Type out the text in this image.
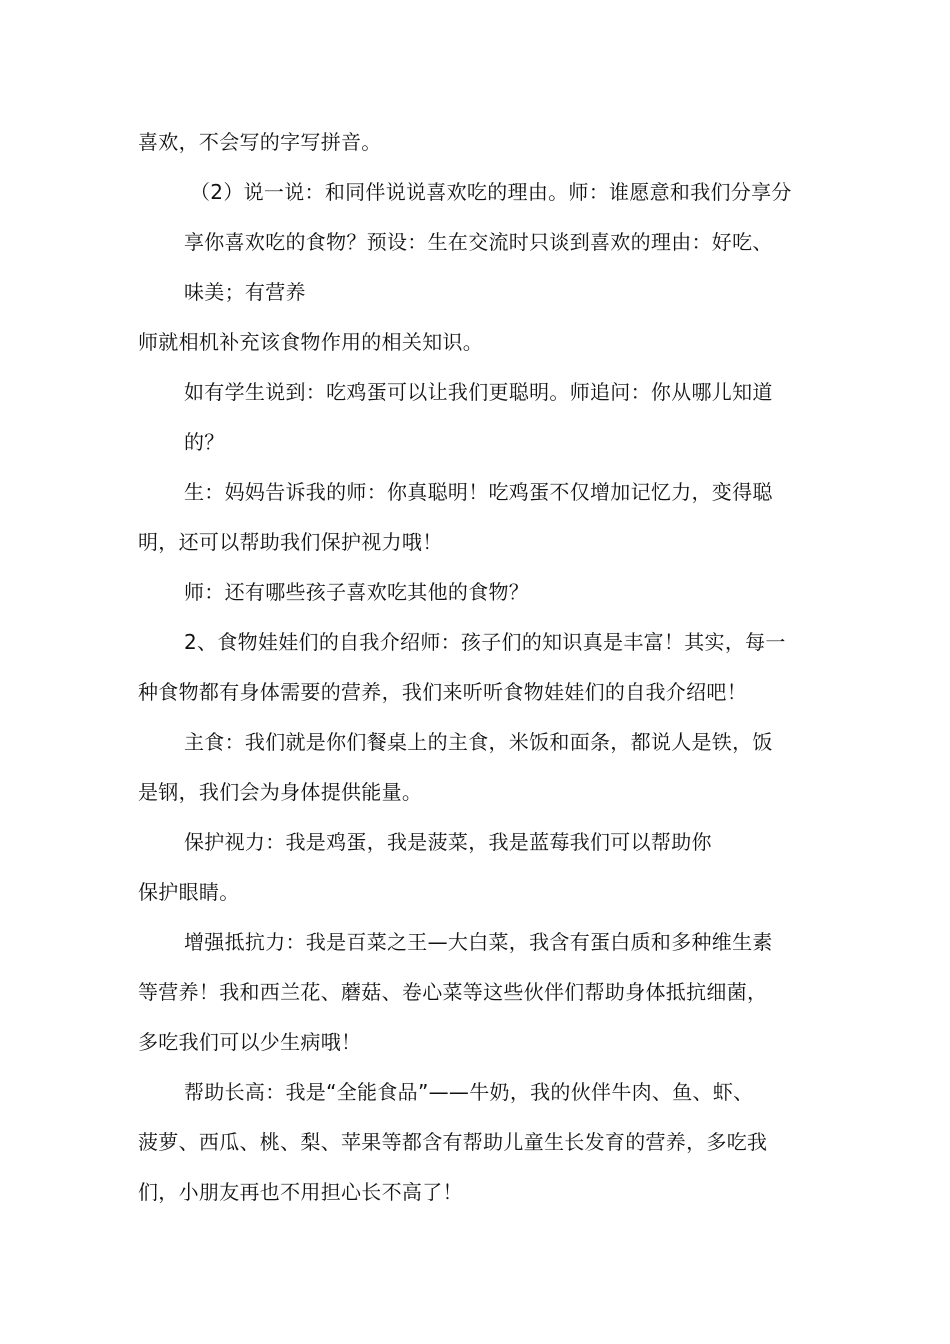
喜欢，不会写的字写拼音。
（2）说一说：和同伴说说喜欢吃的理由。师：谁愿意和我们分享分
享你喜欢吃的食物？预设：生在交流时只谈到喜欢的理由：好吃、
味美；有营养
师就相机补充该食物作用的相关知识。
如有学生说到：吃鸡蛋可以让我们更聪明。师追问：你从哪儿知道
的？
生：妈妈告诉我的师：你真聪明！吃鸡蛋不仅增加记忆力，变得聪
明，还可以帮助我们保护视力哦！
师：还有哪些孩子喜欢吃其他的食物？
2、食物娃娃们的自我介绍师：孩子们的知识真是丰富！其实，每一
种食物都有身体需要的营养，我们来听听食物娃娃们的自我介绍吧！
主食：我们就是你们餐桌上的主食，米饭和面条，都说人是铁，饭
是钢，我们会为身体提供能量。
保护视力：我是鸡蛋，我是菠菜，我是蓝莓我们可以帮助你
保护眼睛。
增强抵抗力：我是百菜之王—大白菜，我含有蛋白质和多种维生素
等营养！我和西兰花、蘑菇、卷心菜等这些伙伴们帮助身体抵抗细菌，
多吃我们可以少生病哦！
帮助长高：我是“全能食品”——牛奶，我的伙伴牛肉、鱼、虾、
菠萝、西瓜、桃、梨、苹果等都含有帮助儿童生长发育的营养，多吃我
们，小朋友再也不用担心长不高了！
